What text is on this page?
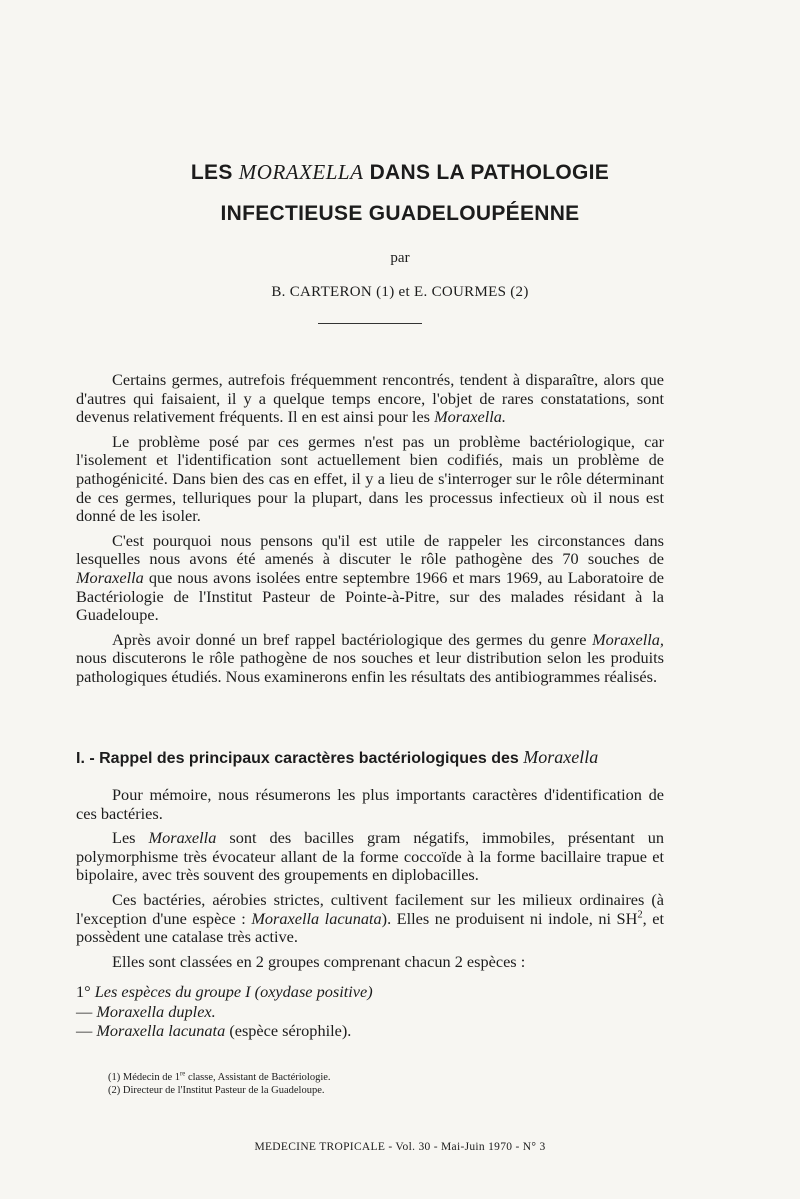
LES MORAXELLA DANS LA PATHOLOGIE
INFECTIEUSE GUADELOUPÉENNE
par
B. CARTERON (1) et E. COURMES (2)

Certains germes, autrefois fréquemment rencontrés, tendent à disparaître, alors que d'autres qui faisaient, il y a quelque temps encore, l'objet de rares constatations, sont devenus relativement fréquents. Il en est ainsi pour les Moraxella.

Le problème posé par ces germes n'est pas un problème bactériologique, car l'isolement et l'identification sont actuellement bien codifiés, mais un problème de pathogénicité. Dans bien des cas en effet, il y a lieu de s'interroger sur le rôle déterminant de ces germes, telluriques pour la plupart, dans les processus infectieux où il nous est donné de les isoler.

C'est pourquoi nous pensons qu'il est utile de rappeler les circonstances dans lesquelles nous avons été amenés à discuter le rôle pathogène des 70 souches de Moraxella que nous avons isolées entre septembre 1966 et mars 1969, au Laboratoire de Bactériologie de l'Institut Pasteur de Pointe-à-Pitre, sur des malades résidant à la Guadeloupe.

Après avoir donné un bref rappel bactériologique des germes du genre Moraxella, nous discuterons le rôle pathogène de nos souches et leur distribution selon les produits pathologiques étudiés. Nous examinerons enfin les résultats des antibiogrammes réalisés.

I. - Rappel des principaux caractères bactériologiques des Moraxella

Pour mémoire, nous résumerons les plus importants caractères d'identification de ces bactéries.

Les Moraxella sont des bacilles gram négatifs, immobiles, présentant un polymorphisme très évocateur allant de la forme coccoïde à la forme bacillaire trapue et bipolaire, avec très souvent des groupements en diplobacilles.

Ces bactéries, aérobies strictes, cultivent facilement sur les milieux ordinaires (à l'exception d'une espèce : Moraxella lacunata). Elles ne produisent ni indole, ni $SH^2$, et possèdent une catalase très active.

Elles sont classées en 2 groupes comprenant chacun 2 espèces :

1° Les espèces du groupe I (oxydase positive)
— Moraxella duplex.
— Moraxella lacunata (espèce sérophile).
(1) Médecin de 1re classe, Assistant de Bactériologie.
(2) Directeur de l'Institut Pasteur de la Guadeloupe.
MEDECINE TROPICALE - Vol. 30 - Mai-Juin 1970 - N° 3
